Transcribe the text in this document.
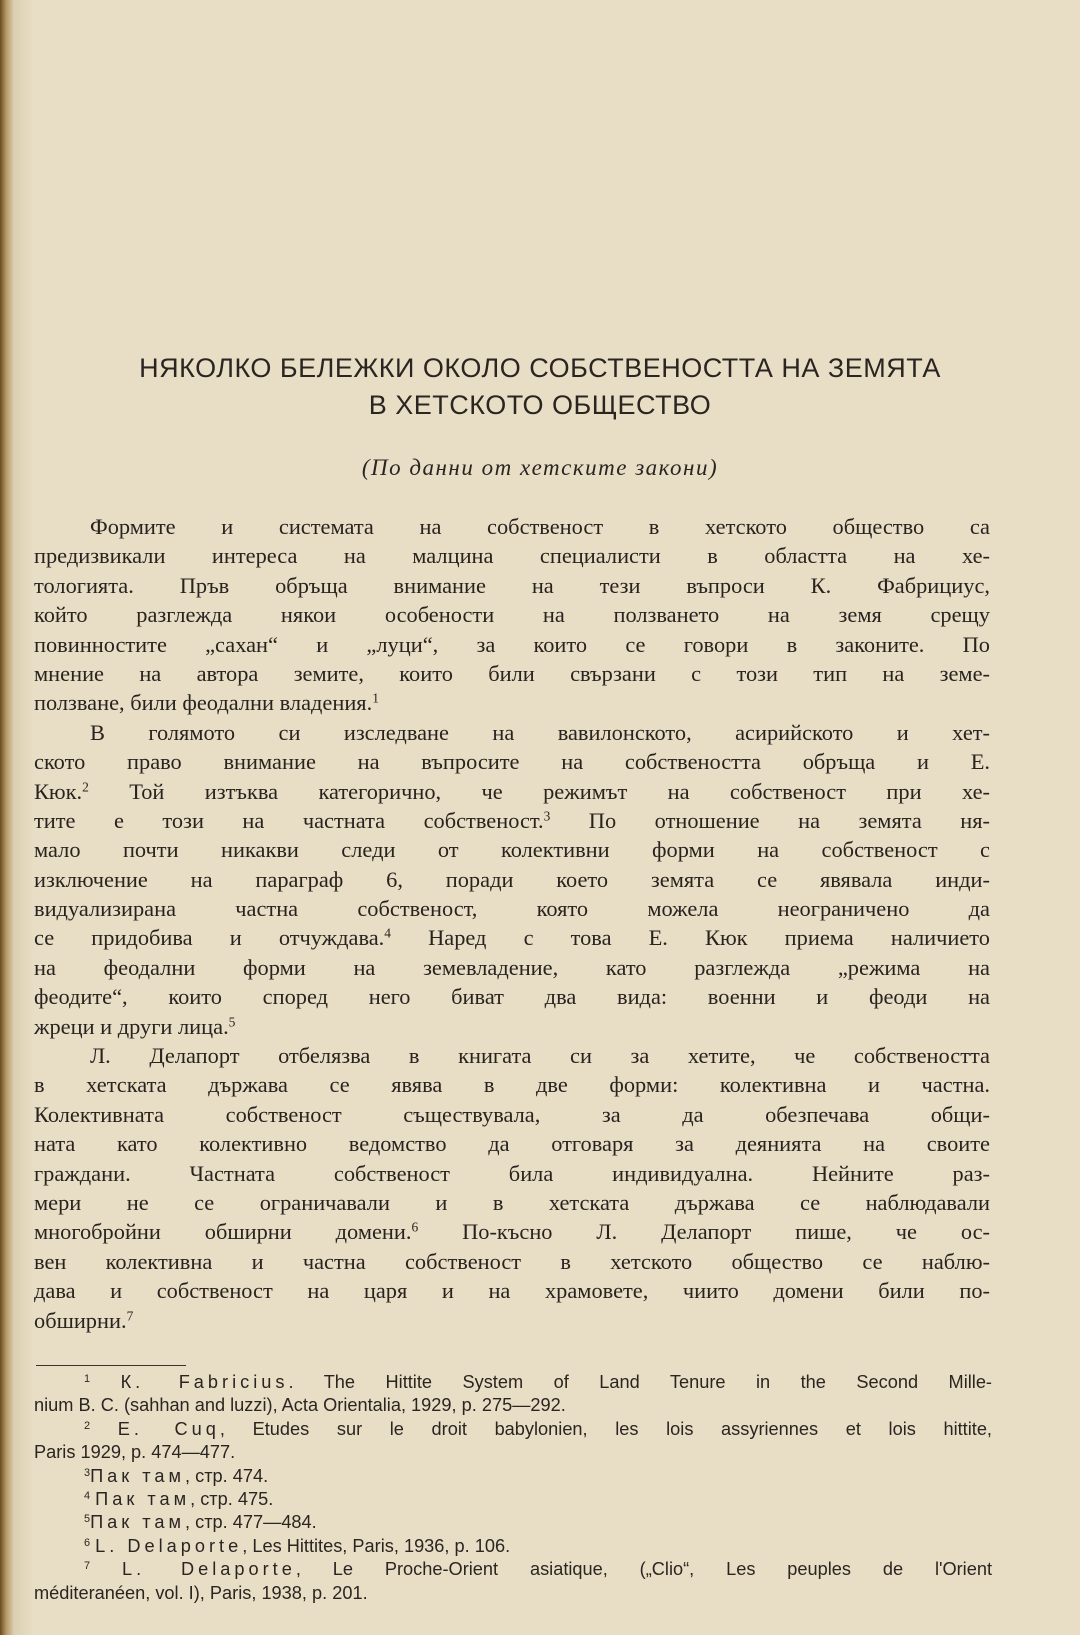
НЯКОЛКО БЕЛЕЖКИ ОКОЛО СОБСТВЕНОСТТА НА ЗЕМЯТА
В ХЕТСКОТО ОБЩЕСТВО
(По данни от хетските закони)
Формите и системата на собственост в хетското общество са
предизвикали интереса на малцина специалисти в областта на хе-
тологията. Пръв обръща внимание на тези въпроси К. Фабрициус,
който разглежда някои особености на ползването на земя срещу
повинностите „сахан“ и „луци“, за които се говори в законите. По
мнение на автора земите, които били свързани с този тип на земе-
ползване, били феодални владения.$^1$
В голямото си изследване на вавилонското, асирийското и хет-
ското право внимание на въпросите на собствеността обръща и Е.
Кюк.$^2$ Той изтъква категорично, че режимът на собственост при хе-
тите е този на частната собственост.$^3$ По отношение на земята ня-
мало почти никакви следи от колективни форми на собственост с
изключение на параграф 6, поради което земята се явявала инди-
видуализирана частна собственост, която можела неограничено да
се придобива и отчуждава.$^4$ Наред с това Е. Кюк приема наличието
на феодални форми на земевладение, като разглежда „режима на
феодите“, които според него биват два вида: военни и феоди на
жреци и други лица.$^5$
Л. Делапорт отбелязва в книгата си за хетите, че собствеността
в хетската държава се явява в две форми: колективна и частна.
Колективната собственост съществувала, за да обезпечава общи-
ната като колективно ведомство да отговаря за деянията на своите
граждани. Частната собственост била индивидуална. Нейните раз-
мери не се ограничавали и в хетската държава се наблюдавали
многобройни обширни домени.$^6$ По-късно Л. Делапорт пише, че ос-
вен колективна и частна собственост в хетското общество се наблю-
дава и собственост на царя и на храмовете, чиито домени били по-
обширни.$^7$
$^1$ К. Fabricius. The Hittite System of Land Tenure in the Second Mille-
nium B. C. (sahhan and luzzi), Acta Orientalia, 1929, p. 275—292.
$^2$ E. Cuq, Etudes sur le droit babylonien, les lois assyriennes et lois hittite,
Paris 1929, p. 474—477.
$^3$Пак там, стр. 474.
$^4$ Пак там, стр. 475.
$^5$Пак там, стр. 477—484.
$^6$ L. Delaporte, Les Hittites, Paris, 1936, p. 106.
$^7$ L. Delaporte, Le Proche-Orient asiatique, („Clio“, Les peuples de l'Orient
méditeranéen, vol. I), Paris, 1938, p. 201.
